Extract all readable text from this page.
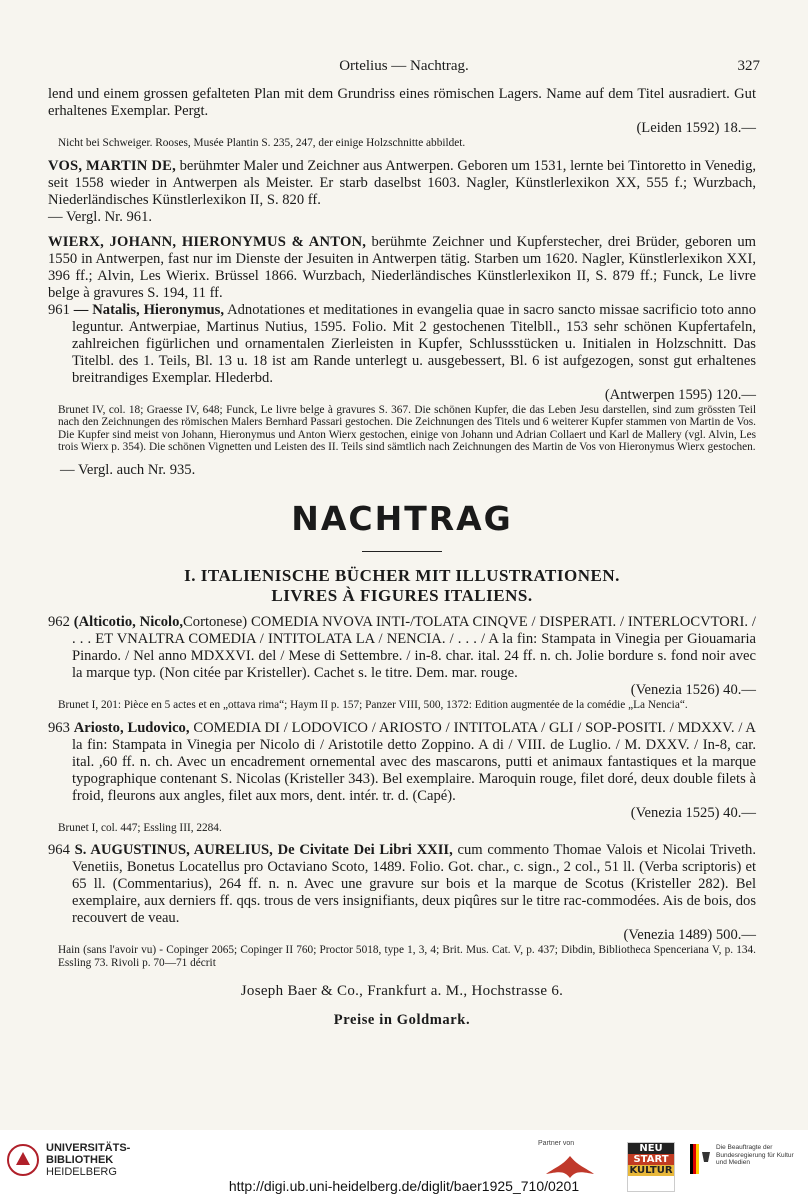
Ortelius — Nachtrag.	327

lend und einem grossen gefalteten Plan mit dem Grundriss eines römischen Lagers. Name auf dem Titel ausradiert. Gut erhaltenes Exemplar. Pergt.

(Leiden 1592) 18.—

Nicht bei Schweiger. Rooses, Musée Plantin S. 235, 247, der einige Holzschnitte abbildet.

VOS, MARTIN DE, berühmter Maler und Zeichner aus Antwerpen. Geboren um 1531, lernte bei Tintoretto in Venedig, seit 1558 wieder in Antwerpen als Meister. Er starb daselbst 1603. Nagler, Künstlerlexikon XX, 555 f.; Wurzbach, Niederländisches Künstlerlexikon II, S. 820 ff.

— Vergl. Nr. 961.

WIERX, JOHANN, HIERONYMUS & ANTON, berühmte Zeichner und Kupferstecher, drei Brüder, geboren um 1550 in Antwerpen, fast nur im Dienste der Jesuiten in Antwerpen tätig. Starben um 1620. Nagler, Künstlerlexikon XXI, 396 ff.; Alvin, Les Wierix. Brüssel 1866. Wurzbach, Niederländisches Künstlerlexikon II, S. 879 ff.; Funck, Le livre belge à gravures S. 194, 11 ff.

961 — Natalis, Hieronymus, Adnotationes et meditationes in evangelia quae in sacro sancto missae sacrificio toto anno leguntur. Antwerpiae, Martinus Nutius, 1595. Folio. Mit 2 gestochenen Titelbll., 153 sehr schönen Kupfertafeln, zahlreichen figürlichen und ornamentalen Zierleisten in Kupfer, Schlussstücken u. Initialen in Holzschnitt. Das Titelbl. des 1. Teils, Bl. 13 u. 18 ist am Rande unterlegt u. ausgebessert, Bl. 6 ist aufgezogen, sonst gut erhaltenes breitrandiges Exemplar. Hlederbd.

(Antwerpen 1595) 120.—

Brunet IV, col. 18; Graesse IV, 648; Funck, Le livre belge à gravures S. 367. Die schönen Kupfer, die das Leben Jesu darstellen, sind zum grössten Teil nach den Zeichnungen des römischen Malers Bernhard Passari gestochen. Die Zeichnungen des Titels und 6 weiterer Kupfer stammen von Martin de Vos. Die Kupfer sind meist von Johann, Hieronymus und Anton Wierx gestochen, einige von Johann und Adrian Collaert und Karl de Mallery (vgl. Alvin, Les trois Wierx p. 354). Die schönen Vignetten und Leisten des II. Teils sind sämtlich nach Zeichnungen des Martin de Vos von Hieronymus Wierx gestochen.

— Vergl. auch Nr. 935.

NACHTRAG
I. ITALIENISCHE BÜCHER MIT ILLUSTRATIONEN.
LIVRES À FIGURES ITALIENS.

962 (Alticotio, Nicolo,Cortonese) COMEDIA NVOVA INTI-/TOLATA CINQVE / DISPERATI. / INTERLOCVTORI. / . . . ET VNALTRA COMEDIA / INTITOLATA LA / NENCIA. / . . . / A la fin: Stampata in Vinegia per Giouamaria Pinardo. / Nel anno MDXXVI. del / Mese di Settembre. / in-8. char. ital. 24 ff. n. ch. Jolie bordure s. fond noir avec la marque typ. (Non citée par Kristeller). Cachet s. le titre. Dem. mar. rouge.

(Venezia 1526) 40.—

Brunet I, 201: Pièce en 5 actes et en „ottava rima“; Haym II p. 157; Panzer VIII, 500, 1372: Edition augmentée de la comédie „La Nencia“.

963 Ariosto, Ludovico, COMEDIA DI / LODOVICO / ARIOSTO / INTITOLATA / GLI / SOP-POSITI. / MDXXV. / A la fin: Stampata in Vinegia per Nicolo di / Aristotile detto Zoppino. A di / VIII. de Luglio. / M. DXXV. / In-8, car. ital. ,60 ff. n. ch. Avec un encadrement ornemental avec des mascarons, putti et animaux fantastiques et la marque typographique contenant S. Nicolas (Kristeller 343). Bel exemplaire. Maroquin rouge, filet doré, deux double filets à froid, fleurons aux angles, filet aux mors, dent. intér. tr. d. (Capé).

(Venezia 1525) 40.—

Brunet I, col. 447; Essling III, 2284.

964 S. AUGUSTINUS, AURELIUS, De Civitate Dei Libri XXII, cum commento Thomae Valois et Nicolai Triveth. Venetiis, Bonetus Locatellus pro Octaviano Scoto, 1489. Folio. Got. char., c. sign., 2 col., 51 ll. (Verba scriptoris) et 65 ll. (Commentarius), 264 ff. n. n. Avec une gravure sur bois et la marque de Scotus (Kristeller 282). Bel exemplaire, aux derniers ff. qqs. trous de vers insignifiants, deux piqûres sur le titre rac-commodées. Ais de bois, dos recouvert de veau.

(Venezia 1489) 500.—

Hain (sans l'avoir vu) - Copinger 2065; Copinger II 760; Proctor 5018, type 1, 3, 4; Brit. Mus. Cat. V, p. 437; Dibdin, Bibliotheca Spenceriana V, p. 134. Essling 73. Rivoli p. 70—71 décrit

Joseph Baer & Co., Frankfurt a. M., Hochstrasse 6.
Preise in Goldmark.
UNIVERSITÄTS-
BIBLIOTHEK
HEIDELBERG
Partner von	NEU
START
KULTUR
Die Beauftragte der Bundesregierung für Kultur und Medien
http://digi.ub.uni-heidelberg.de/diglit/baer1925_710/0201
